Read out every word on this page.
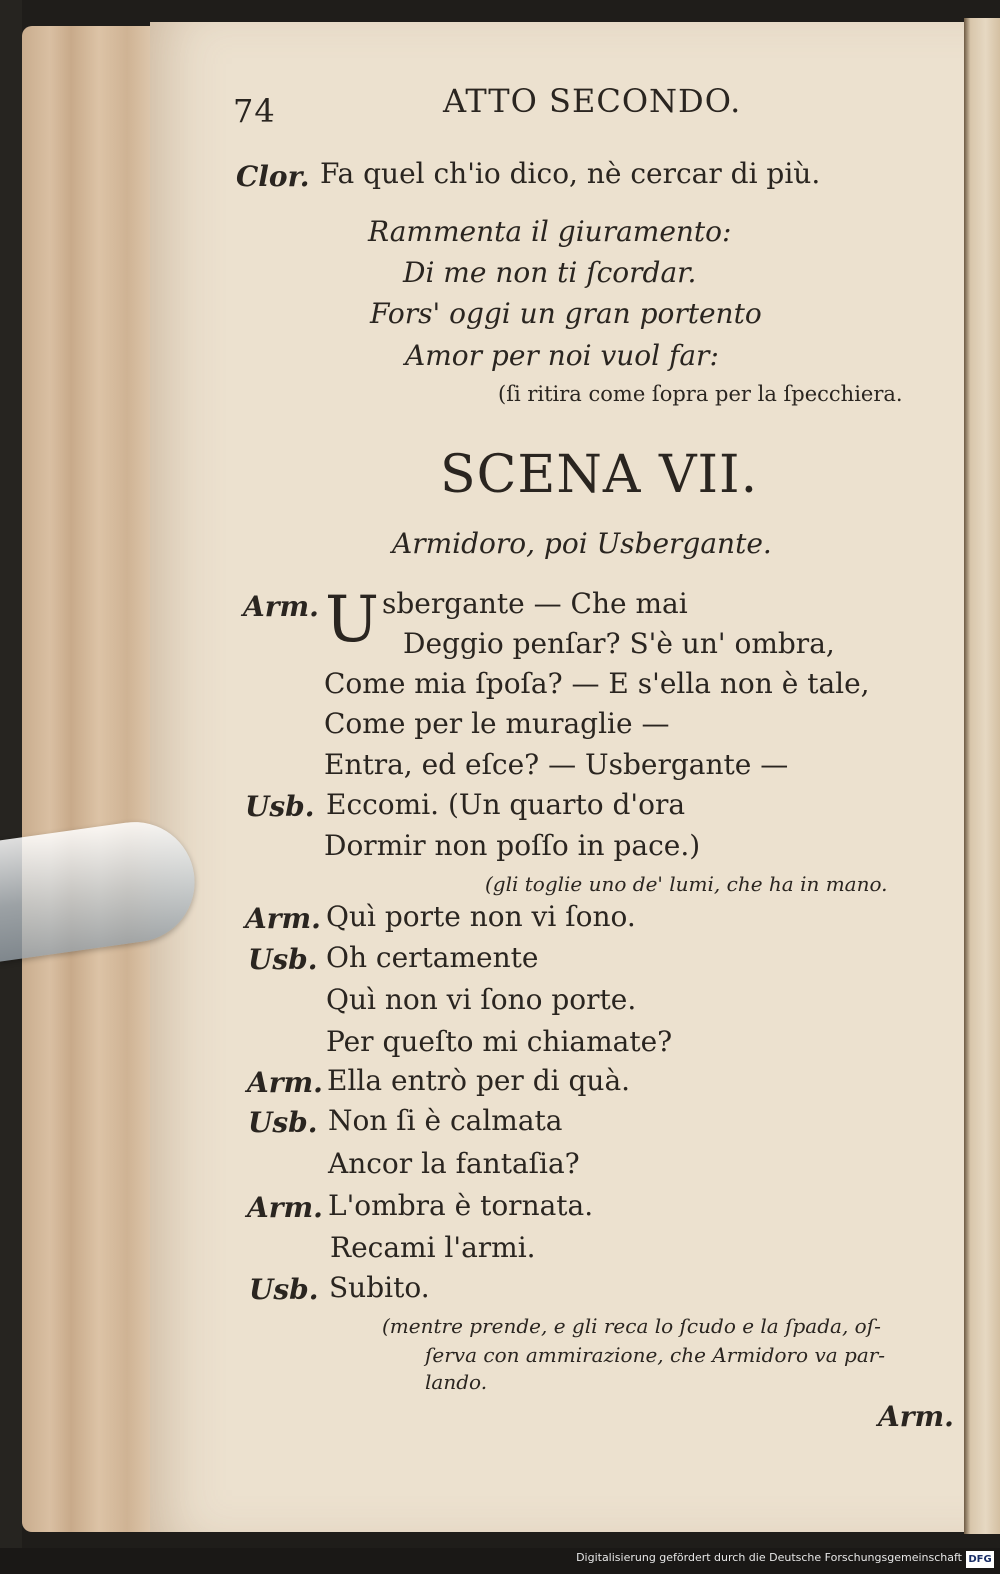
74	ATTO SECONDO.
Clor. Fa quel ch'io dico, nè cercar di più.
Rammenta il giuramento:
Di me non ti ſcordar.
Fors' oggi un gran portento
Amor per noi vuol far:
(ſi ritira come ſopra per la ſpecchiera.
SCENA VII.
Armidoro, poi Usbergante.
Arm. U sbergante — Che mai
Deggio penſar? S'è un' ombra,
Come mia ſpoſa? — E s'ella non è tale,
Come per le muraglie —
Entra, ed eſce? — Usbergante —
Usb. Eccomi. (Un quarto d'ora
Dormir non poſſo in pace.)
(gli toglie uno de' lumi, che ha in mano.
Arm. Quì porte non vi ſono.
Usb. Oh certamente
Quì non vi ſono porte.
Per queſto mi chiamate?
Arm. Ella entrò per di quà.
Usb. Non ſi è calmata
Ancor la fantaſia?
Arm. L'ombra è tornata.
Recami l'armi.
Usb. Subito.
(mentre prende, e gli reca lo ſcudo e la ſpada, oſ-
ſerva con ammirazione, che Armidoro va par-
lando.
Arm.
Digitalisierung gefördert durch die Deutsche Forschungsgemeinschaft DFG
